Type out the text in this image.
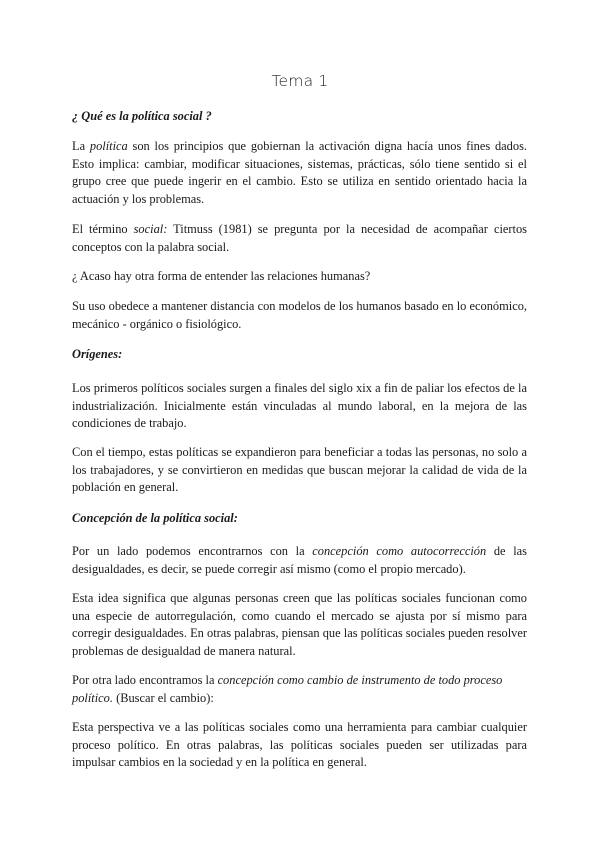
Tema 1

¿ Qué es la política social ?

La política son los principios que gobiernan la activación digna hacía unos fines dados. Esto implica: cambiar, modificar situaciones, sistemas, prácticas, sólo tiene sentido si el grupo cree que puede ingerir en el cambio. Esto se utiliza en sentido orientado hacia la actuación y los problemas.

El término social: Titmuss (1981) se pregunta por la necesidad de acompañar ciertos conceptos con la palabra social.

¿ Acaso hay otra forma de entender las relaciones humanas?

Su uso obedece a mantener distancia con modelos de los humanos basado en lo económico, mecánico - orgánico o fisiológico.

Orígenes:

Los primeros políticos sociales surgen a finales del siglo xix a fin de paliar los efectos de la industrialización. Inicialmente están vinculadas al mundo laboral, en la mejora de las condiciones de trabajo.

Con el tiempo, estas políticas se expandieron para beneficiar a todas las personas, no solo a los trabajadores, y se convirtieron en medidas que buscan mejorar la calidad de vida de la población en general.

Concepción de la política social:

Por un lado podemos encontrarnos con la concepción como autocorrección de las desigualdades, es decir, se puede corregir así mismo (como el propio mercado).

Esta idea significa que algunas personas creen que las políticas sociales funcionan como una especie de autorregulación, como cuando el mercado se ajusta por sí mismo para corregir desigualdades. En otras palabras, piensan que las políticas sociales pueden resolver problemas de desigualdad de manera natural.

Por otra lado encontramos la concepción como cambio de instrumento de todo proceso político. (Buscar el cambio):

Esta perspectiva ve a las políticas sociales como una herramienta para cambiar cualquier proceso político. En otras palabras, las políticas sociales pueden ser utilizadas para impulsar cambios en la sociedad y en la política en general.
